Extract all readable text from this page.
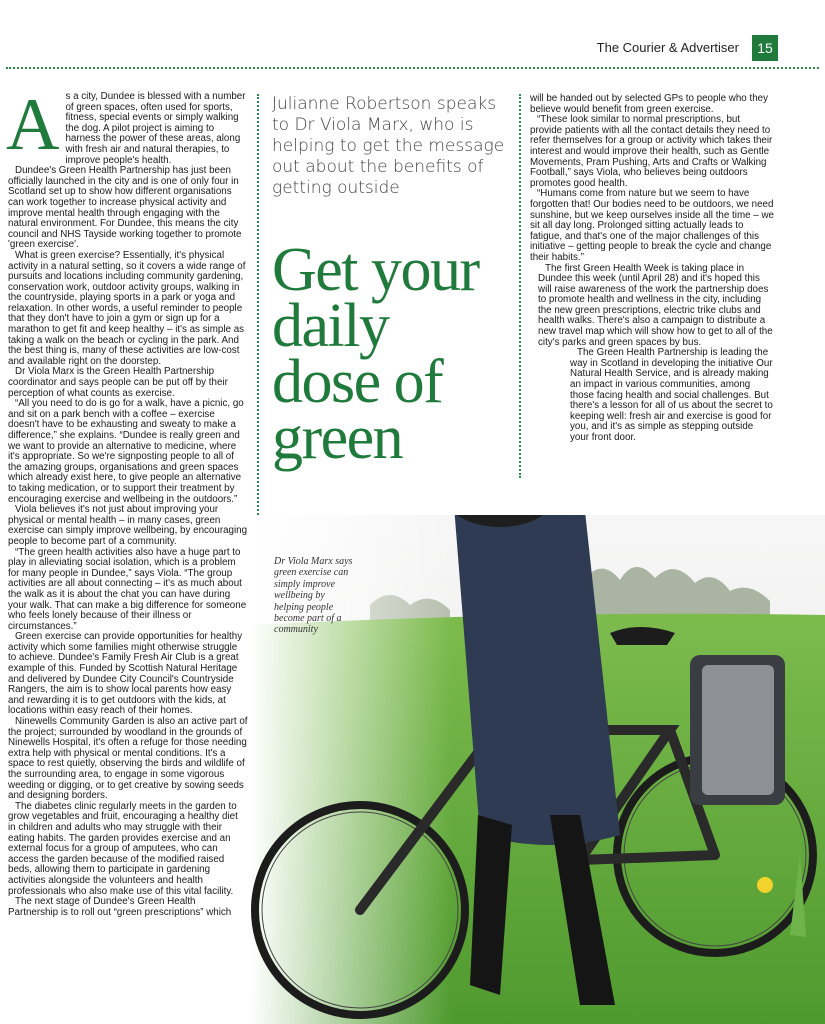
The Courier & Advertiser	15
A s a city, Dundee is blessed with a number of green spaces, often used for sports, fitness, special events or simply walking the dog. A pilot project is aiming to harness the power of these areas, along with fresh air and natural therapies, to improve people's health.

Dundee's Green Health Partnership has just been officially launched in the city and is one of only four in Scotland set up to show how different organisations can work together to increase physical activity and improve mental health through engaging with the natural environment. For Dundee, this means the city council and NHS Tayside working together to promote 'green exercise'.

What is green exercise? Essentially, it's physical activity in a natural setting, so it covers a wide range of pursuits and locations including community gardening, conservation work, outdoor activity groups, walking in the countryside, playing sports in a park or yoga and relaxation. In other words, a useful reminder to people that they don't have to join a gym or sign up for a marathon to get fit and keep healthy – it's as simple as taking a walk on the beach or cycling in the park. And the best thing is, many of these activities are low-cost and available right on the doorstep.

Dr Viola Marx is the Green Health Partnership coordinator and says people can be put off by their perception of what counts as exercise.

“All you need to do is go for a walk, have a picnic, go and sit on a park bench with a coffee – exercise doesn't have to be exhausting and sweaty to make a difference,” she explains. “Dundee is really green and we want to provide an alternative to medicine, where it's appropriate. So we're signposting people to all of the amazing groups, organisations and green spaces which already exist here, to give people an alternative to taking medication, or to support their treatment by encouraging exercise and wellbeing in the outdoors.”

Viola believes it's not just about improving your physical or mental health – in many cases, green exercise can simply improve wellbeing, by encouraging people to become part of a community.

“The green health activities also have a huge part to play in alleviating social isolation, which is a problem for many people in Dundee,” says Viola. “The group activities are all about connecting – it's as much about the walk as it is about the chat you can have during your walk. That can make a big difference for someone who feels lonely because of their illness or circumstances.”

Green exercise can provide opportunities for healthy activity which some families might otherwise struggle to achieve. Dundee's Family Fresh Air Club is a great example of this. Funded by Scottish Natural Heritage and delivered by Dundee City Council's Countryside Rangers, the aim is to show local parents how easy and rewarding it is to get outdoors with the kids, at locations within easy reach of their homes.

Ninewells Community Garden is also an active part of the project; surrounded by woodland in the grounds of Ninewells Hospital, it's often a refuge for those needing extra help with physical or mental conditions. It's a space to rest quietly, observing the birds and wildlife of the surrounding area, to engage in some vigorous weeding or digging, or to get creative by sowing seeds and designing borders.

The diabetes clinic regularly meets in the garden to grow vegetables and fruit, encouraging a healthy diet in children and adults who may struggle with their eating habits. The garden provides exercise and an external focus for a group of amputees, who can access the garden because of the modified raised beds, allowing them to participate in gardening activities alongside the volunteers and health professionals who also make use of this vital facility.

The next stage of Dundee's Green Health Partnership is to roll out “green prescriptions” which

Julianne Robertson speaks to Dr Viola Marx, who is helping to get the message out about the benefits of getting outside
Get your
daily
dose of
green
Dr Viola Marx says green exercise can simply improve wellbeing by helping people become part of a community

will be handed out by selected GPs to people who they believe would benefit from green exercise.

“These look similar to normal prescriptions, but provide patients with all the contact details they need to refer themselves for a group or activity which takes their interest and would improve their health, such as Gentle Movements, Pram Pushing, Arts and Crafts or Walking Football,” says Viola, who believes being outdoors promotes good health.

“Humans come from nature but we seem to have forgotten that! Our bodies need to be outdoors, we need sunshine, but we keep ourselves inside all the time – we sit all day long. Prolonged sitting actually leads to fatigue, and that's one of the major challenges of this initiative – getting people to break the cycle and change their habits.”

The first Green Health Week is taking place in Dundee this week (until April 28) and it's hoped this will raise awareness of the work the partnership does to promote health and wellness in the city, including the new green prescriptions, electric trike clubs and health walks. There's also a campaign to distribute a new travel map which will show how to get to all of the city's parks and green spaces by bus.

The Green Health Partnership is leading the way in Scotland in developing the initiative Our Natural Health Service, and is already making an impact in various communities, among those facing health and social challenges. But there's a lesson for all of us about the secret to keeping well: fresh air and exercise is good for you, and it's as simple as stepping outside your front door.
